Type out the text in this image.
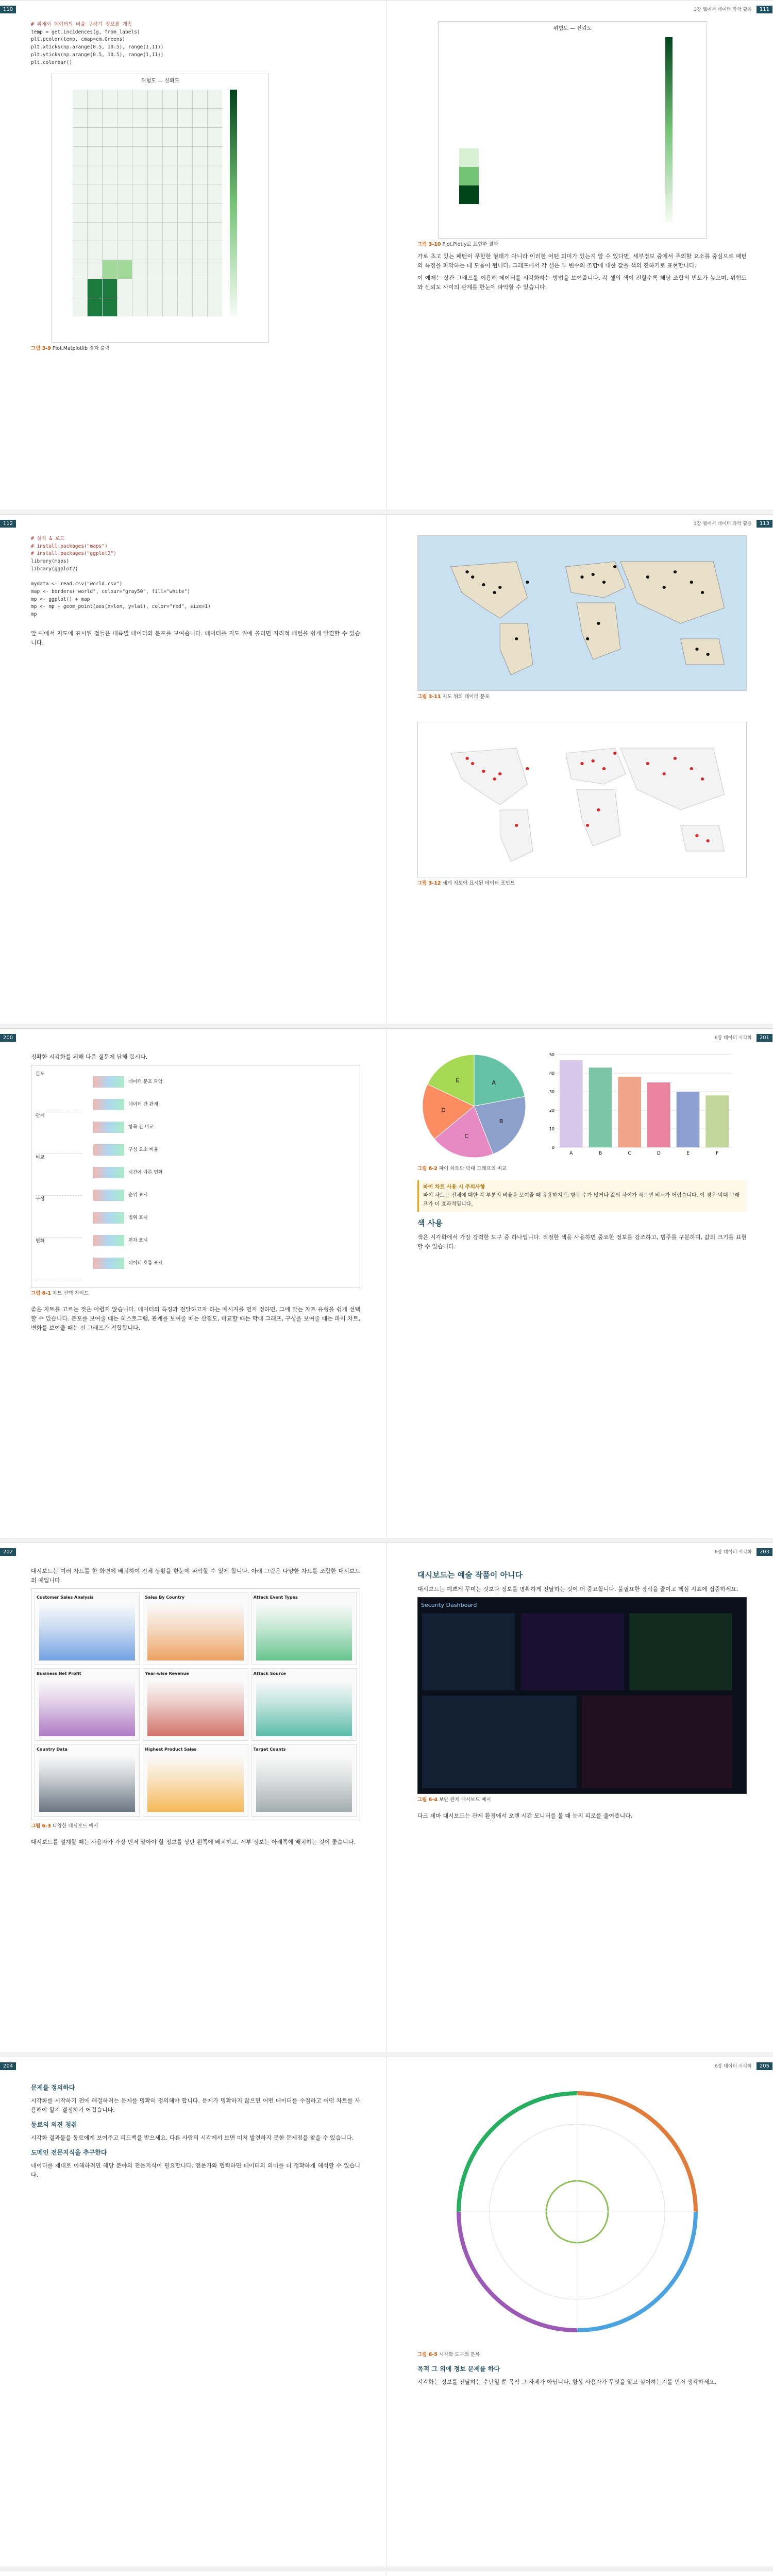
110
# 위에서 데이터의 비율 구하기 정보를 계속
temp = get.incidences(g, from_labels)
plt.pcolor(temp, cmap=cm.Greens)
plt.xticks(np.arange(0.5, 10.5), range(1,11))
plt.yticks(np.arange(0.5, 10.5), range(1,11))
plt.colorbar()
위험도 — 신뢰도
그림 3-9 Plot.Matplotlib 결과 출력
3장 웹에서 데이터 과학 활용	111
위험도 — 신뢰도
그림 3-10 Plot.Plotly로 표현한 결과

가로 초고 있는 패턴이 무한한 형태가 아니라 이러한 어떤 의미가 있는지 알 수 있다면, 세부정보 중에서 주의할 요소를 중심으로 패턴의 특징을 파악하는 데 도움이 됩니다. 그래프에서 각 셀은 두 변수의 조합에 대한 값을 색의 진하기로 표현합니다.

이 예제는 상관 그래프를 이용해 데이터를 시각화하는 방법을 보여줍니다. 각 셀의 색이 진할수록 해당 조합의 빈도가 높으며, 위험도와 신뢰도 사이의 관계를 한눈에 파악할 수 있습니다.

112
# 설치 & 로드
# install.packages("maps")
# install.packages("ggplot2")
library(maps)
library(ggplot2)

mydata <- read.csv("world.csv")
map <- borders("world", colour="gray50", fill="white")
mp <- ggplot() + map
mp <- mp + geom_point(aes(x=lon, y=lat), color="red", size=1)
mp

앞 예에서 지도에 표시된 점들은 대륙별 데이터의 분포를 보여줍니다. 데이터를 지도 위에 올리면 지리적 패턴을 쉽게 발견할 수 있습니다.

3장 웹에서 데이터 과학 활용	113
그림 3-11 지도 위의 데이터 분포
그림 3-12 세계 지도에 표시된 데이터 포인트
200

정확한 시각화를 위해 다음 질문에 답해 봅시다.

분포
관계
비교
구성
변화
데이터 분포 파악
데이터 간 관계
항목 간 비교
구성 요소 비율
시간에 따른 변화
순위 표시
범위 표시
편차 표시
데이터 흐름 표시
그림 6-1 차트 선택 가이드

좋은 차트를 고르는 것은 어렵지 않습니다. 데이터의 특징과 전달하고자 하는 메시지를 먼저 정하면, 그에 맞는 차트 유형을 쉽게 선택할 수 있습니다. 분포를 보여줄 때는 히스토그램, 관계를 보여줄 때는 산점도, 비교할 때는 막대 그래프, 구성을 보여줄 때는 파이 차트, 변화를 보여줄 때는 선 그래프가 적합합니다.

6장 데이터 시각화	201
A
B
C
D
E
0
10
20
30
40
50
A	B	C	D	E	F
그림 6-2 파이 차트와 막대 그래프의 비교
파이 차트 사용 시 주의사항
파이 차트는 전체에 대한 각 부분의 비율을 보여줄 때 유용하지만, 항목 수가 많거나 값의 차이가 작으면 비교가 어렵습니다. 이 경우 막대 그래프가 더 효과적입니다.
색 사용

색은 시각화에서 가장 강력한 도구 중 하나입니다. 적절한 색을 사용하면 중요한 정보를 강조하고, 범주를 구분하며, 값의 크기를 표현할 수 있습니다.

202

대시보드는 여러 차트를 한 화면에 배치하여 전체 상황을 한눈에 파악할 수 있게 합니다. 아래 그림은 다양한 차트를 조합한 대시보드의 예입니다.

Customer Sales Analysis	Sales By Country	Attack Event Types
Business Net Profit	Year-wise Revenue	Attack Source
Country Data	Highest Product Sales	Target Counts
그림 6-3 다양한 대시보드 예시

대시보드를 설계할 때는 사용자가 가장 먼저 알아야 할 정보를 상단 왼쪽에 배치하고, 세부 정보는 아래쪽에 배치하는 것이 좋습니다.

6장 데이터 시각화	203
대시보드는 예술 작품이 아니다

대시보드는 예쁘게 꾸미는 것보다 정보를 명확하게 전달하는 것이 더 중요합니다. 불필요한 장식을 줄이고 핵심 지표에 집중하세요.

Security Dashboard
그림 6-4 보안 관제 대시보드 예시

다크 테마 대시보드는 관제 환경에서 오랜 시간 모니터를 볼 때 눈의 피로를 줄여줍니다.

204
문제를 정의하다

시각화를 시작하기 전에 해결하려는 문제를 명확히 정의해야 합니다. 문제가 명확하지 않으면 어떤 데이터를 수집하고 어떤 차트를 사용해야 할지 결정하기 어렵습니다.

동료의 의견 청취

시각화 결과물을 동료에게 보여주고 피드백을 받으세요. 다른 사람의 시각에서 보면 미처 발견하지 못한 문제점을 찾을 수 있습니다.

도메인 전문지식을 추구한다

데이터를 제대로 이해하려면 해당 분야의 전문지식이 필요합니다. 전문가와 협력하면 데이터의 의미를 더 정확하게 해석할 수 있습니다.

6장 데이터 시각화	205
그림 6-5 시각화 도구의 분류
목적 그 외에 정보 문제를 하다

시각화는 정보를 전달하는 수단일 뿐 목적 그 자체가 아닙니다. 항상 사용자가 무엇을 알고 싶어하는지를 먼저 생각하세요.
